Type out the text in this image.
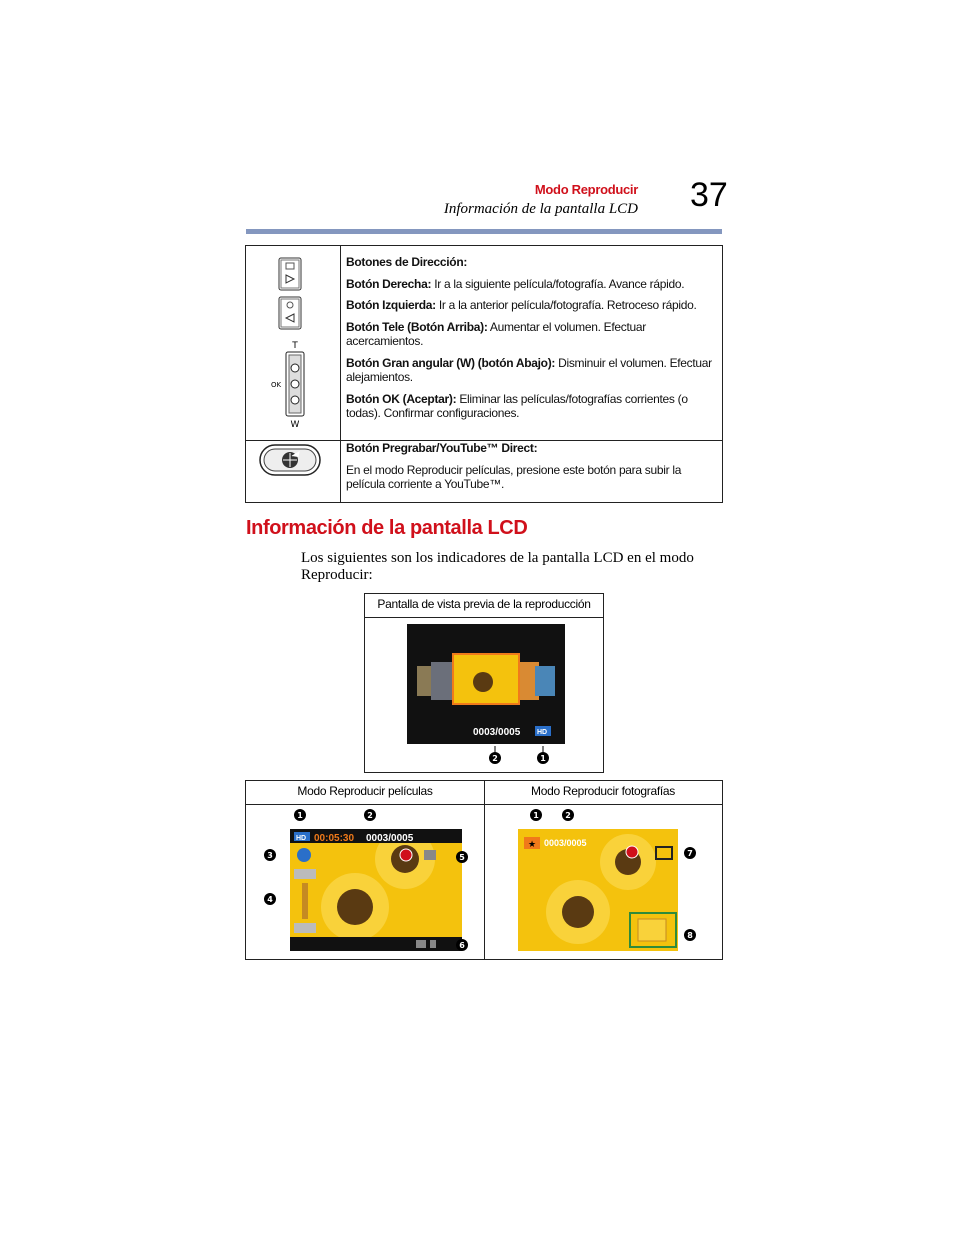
Modo Reproducir
Información de la pantalla LCD 37
T
OK
W
Botones de Dirección:
Botón Derecha: Ir a la siguiente película/fotografía. Avance rápido.
Botón Izquierda: Ir a la anterior película/fotografía. Retroceso rápido.
Botón Tele (Botón Arriba): Aumentar el volumen. Efectuar acercamientos.
Botón Gran angular (W) (botón Abajo): Disminuir el volumen. Efectuar alejamientos.
Botón OK (Aceptar): Eliminar las películas/fotografías corrientes (o todas). Confirmar configuraciones.
Botón Pregrabar/YouTube™ Direct:
En el modo Reproducir películas, presione este botón para subir la película corriente a YouTube™.
Información de la pantalla LCD
Los siguientes son los indicadores de la pantalla LCD en el modo Reproducir:
Pantalla de vista previa de la reproducción
0003/0005 HD
2	1
Modo Reproducir películas	Modo Reproducir fotografías
HD 00:05:30 0003/0005
1	2
3
4
5
6
★ 0003/0005
1	2
7
8
